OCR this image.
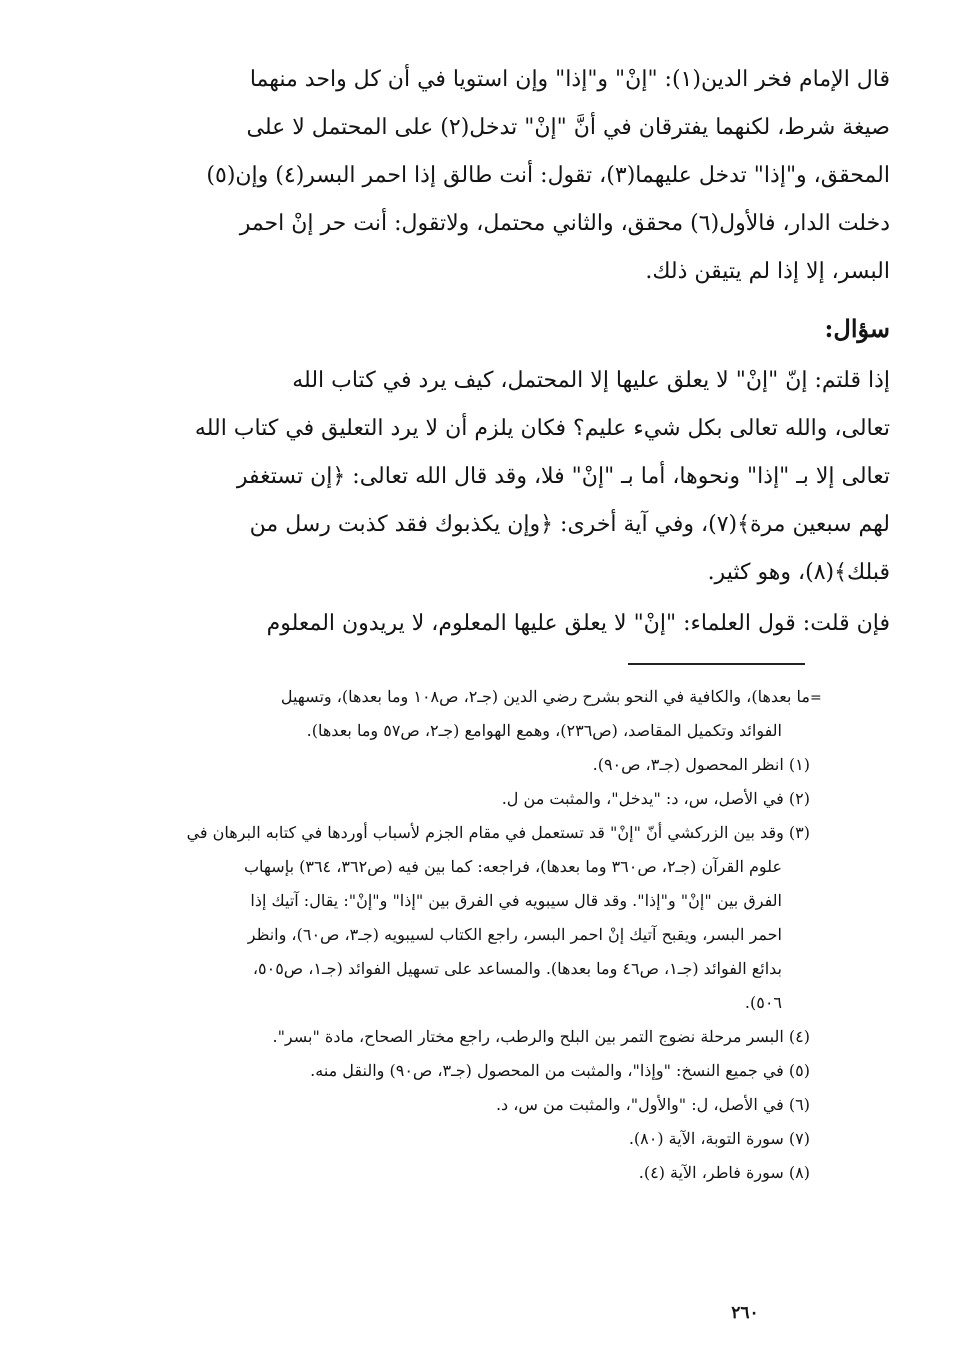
قال الإمام فخر الدين(١): "إنْ" و"إذا" وإن استويا في أن كل واحد منهما
صيغة شرط، لكنهما يفترقان في أنَّ "إنْ" تدخل(٢) على المحتمل لا على
المحقق، و"إذا" تدخل عليهما(٣)، تقول: أنت طالق إذا احمر البسر(٤) وإن(٥)
دخلت الدار، فالأول(٦) محقق، والثاني محتمل، ولاتقول: أنت حر إنْ احمر
البسر، إلا إذا لم يتيقن ذلك.
سؤال:
إذا قلتم: إنّ "إنْ" لا يعلق عليها إلا المحتمل، كيف يرد في كتاب الله
تعالى، والله تعالى بكل شيء عليم؟ فكان يلزم أن لا يرد التعليق في كتاب الله
تعالى إلا بـ "إذا" ونحوها، أما بـ "إنْ" فلا، وقد قال الله تعالى: ﴿إن تستغفر
لهم سبعين مرة﴾(٧)، وفي آية أخرى: ﴿وإن يكذبوك فقد كذبت رسل من
قبلك﴾(٨)، وهو كثير.
فإن قلت: قول العلماء: "إنْ" لا يعلق عليها المعلوم، لا يريدون المعلوم
=
ما بعدها)، والكافية في النحو بشرح رضي الدين (جـ٢، ص١٠٨ وما بعدها)، وتسهيل
الفوائد وتكميل المقاصد، (ص٢٣٦)، وهمع الهوامع (جـ٢، ص٥٧ وما بعدها).
(١) انظر المحصول (جـ٣، ص٩٠).
(٢) في الأصل، س، د: "يدخل"، والمثبت من ل.
(٣) وقد بين الزركشي أنّ "إنْ" قد تستعمل في مقام الجزم لأسباب أوردها في كتابه البرهان في
علوم القرآن (جـ٢، ص٣٦٠ وما بعدها)، فراجعه: كما بين فيه (ص٣٦٢، ٣٦٤) بإسهاب
الفرق بين "إنْ" و"إذا". وقد قال سيبويه في الفرق بين "إذا" و"إنْ": يقال: آتيك إذا
احمر البسر، ويقبح آتيك إنْ احمر البسر، راجع الكتاب لسيبويه (جـ٣، ص٦٠)، وانظر
بدائع الفوائد (جـ١، ص٤٦ وما بعدها). والمساعد على تسهيل الفوائد (جـ١، ص٥٠٥،
٥٠٦).
(٤) البسر مرحلة نضوج التمر بين البلح والرطب، راجع مختار الصحاح، مادة "بسر".
(٥) في جميع النسخ: "وإذا"، والمثبت من المحصول (جـ٣، ص٩٠) والنقل منه.
(٦) في الأصل، ل: "والأول"، والمثبت من س، د.
(٧) سورة التوبة، الآية (٨٠).
(٨) سورة فاطر، الآية (٤).
٢٦٠
